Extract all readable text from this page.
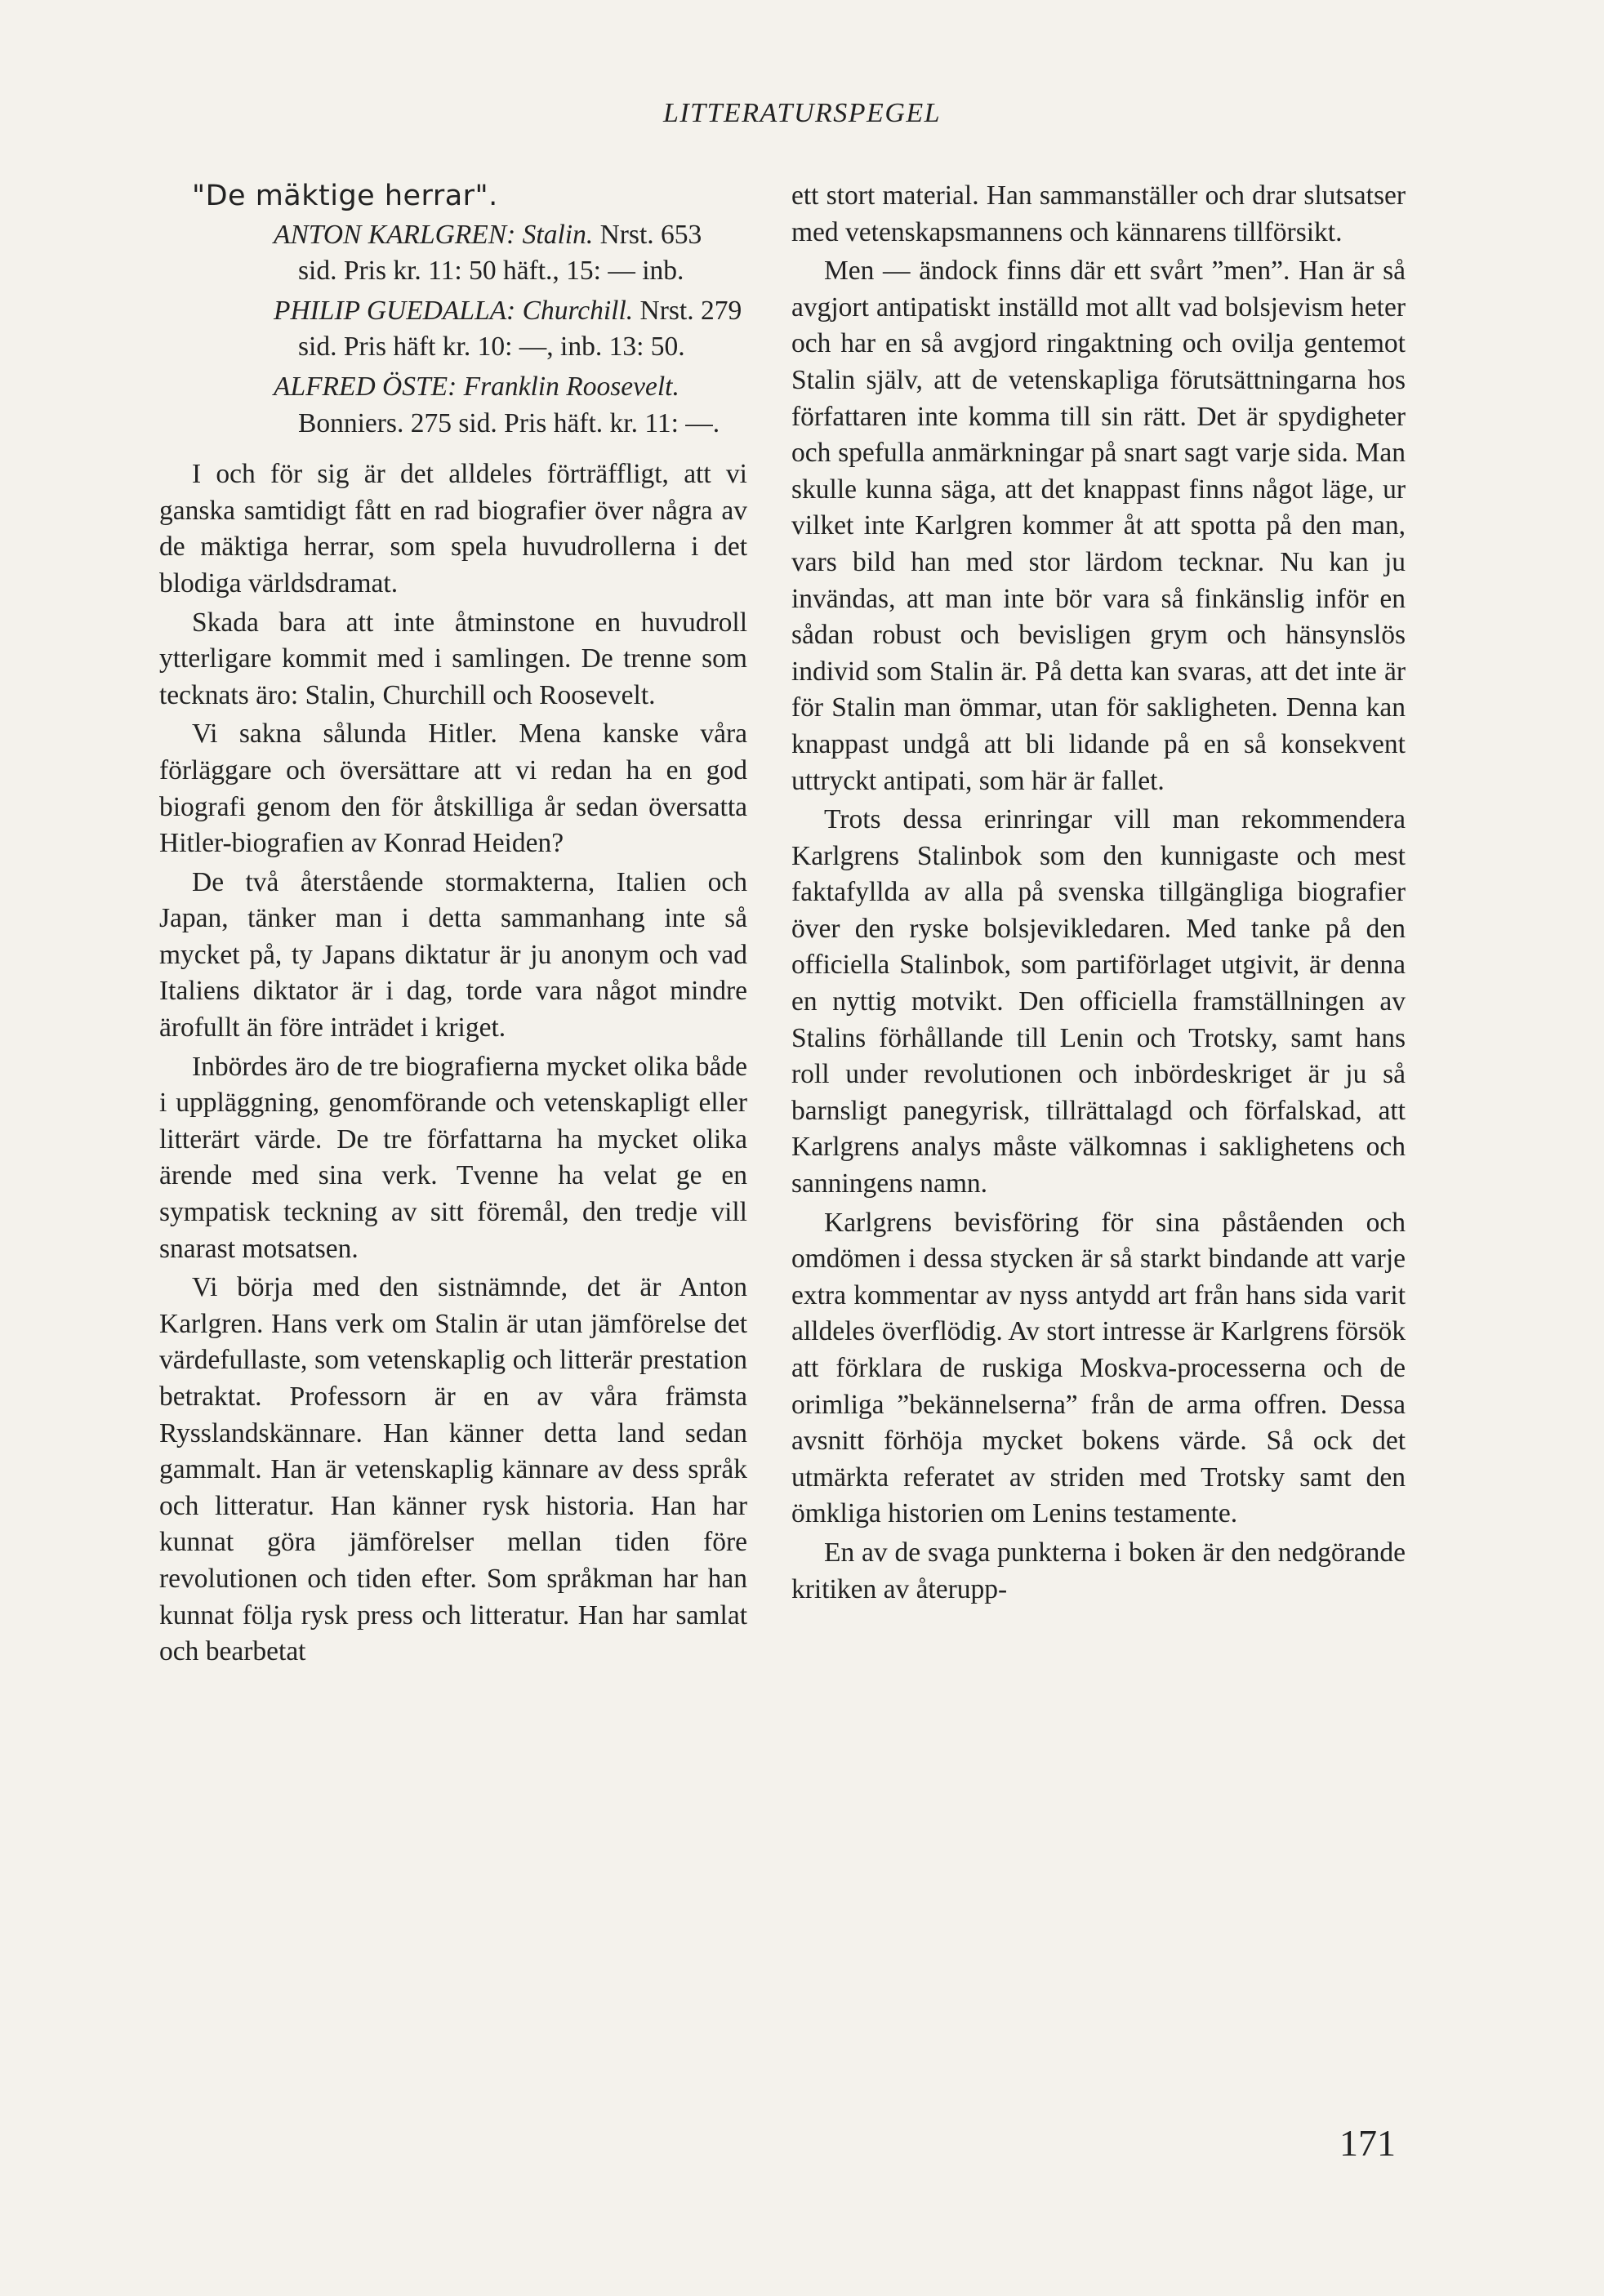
LITTERATURSPEGEL

"De mäktige herrar".

ANTON KARLGREN: Stalin. Nrst. 653 sid. Pris kr. 11: 50 häft., 15: — inb.
PHILIP GUEDALLA: Churchill. Nrst. 279 sid. Pris häft kr. 10: —, inb. 13: 50.
ALFRED ÖSTE: Franklin Roosevelt. Bonniers. 275 sid. Pris häft. kr. 11: —.

I och för sig är det alldeles förträffligt, att vi ganska samtidigt fått en rad biografier över några av de mäktiga herrar, som spela huvudrollerna i det blodiga världsdramat.

Skada bara att inte åtminstone en huvudroll ytterligare kommit med i samlingen. De trenne som tecknats äro: Stalin, Churchill och Roosevelt.

Vi sakna sålunda Hitler. Mena kanske våra förläggare och översättare att vi redan ha en god biografi genom den för åtskilliga år sedan översatta Hitler-biografien av Konrad Heiden?

De två återstående stormakterna, Italien och Japan, tänker man i detta sammanhang inte så mycket på, ty Japans diktatur är ju anonym och vad Italiens diktator är i dag, torde vara något mindre ärofullt än före inträdet i kriget.

Inbördes äro de tre biografierna mycket olika både i uppläggning, genomförande och vetenskapligt eller litterärt värde. De tre författarna ha mycket olika ärende med sina verk. Tvenne ha velat ge en sympatisk teckning av sitt föremål, den tredje vill snarast motsatsen.

Vi börja med den sistnämnde, det är Anton Karlgren. Hans verk om Stalin är utan jämförelse det värdefullaste, som vetenskaplig och litterär prestation betraktat. Professorn är en av våra främsta Rysslandskännare. Han känner detta land sedan gammalt. Han är vetenskaplig kännare av dess språk och litteratur. Han känner rysk historia. Han har kunnat göra jämförelser mellan tiden före revolutionen och tiden efter. Som språkman har han kunnat följa rysk press och litteratur. Han har samlat och bearbetat

ett stort material. Han sammanställer och drar slutsatser med vetenskapsmannens och kännarens tillförsikt.

Men — ändock finns där ett svårt ”men”. Han är så avgjort antipatiskt inställd mot allt vad bolsjevism heter och har en så avgjord ringaktning och ovilja gentemot Stalin själv, att de vetenskapliga förutsättningarna hos författaren inte komma till sin rätt. Det är spydigheter och spefulla anmärkningar på snart sagt varje sida. Man skulle kunna säga, att det knappast finns något läge, ur vilket inte Karlgren kommer åt att spotta på den man, vars bild han med stor lärdom tecknar. Nu kan ju invändas, att man inte bör vara så finkänslig inför en sådan robust och bevisligen grym och hänsynslös individ som Stalin är. På detta kan svaras, att det inte är för Stalin man ömmar, utan för sakligheten. Denna kan knappast undgå att bli lidande på en så konsekvent uttryckt antipati, som här är fallet.

Trots dessa erinringar vill man rekommendera Karlgrens Stalinbok som den kunnigaste och mest faktafyllda av alla på svenska tillgängliga biografier över den ryske bolsjevikledaren. Med tanke på den officiella Stalinbok, som partiförlaget utgivit, är denna en nyttig motvikt. Den officiella framställningen av Stalins förhållande till Lenin och Trotsky, samt hans roll under revolutionen och inbördeskriget är ju så barnsligt panegyrisk, tillrättalagd och förfalskad, att Karlgrens analys måste välkomnas i saklighetens och sanningens namn.

Karlgrens bevisföring för sina påståenden och omdömen i dessa stycken är så starkt bindande att varje extra kommentar av nyss antydd art från hans sida varit alldeles överflödig. Av stort intresse är Karlgrens försök att förklara de ruskiga Moskva-processerna och de orimliga ”bekännelserna” från de arma offren. Dessa avsnitt förhöja mycket bokens värde. Så ock det utmärkta referatet av striden med Trotsky samt den ömkliga historien om Lenins testamente.

En av de svaga punkterna i boken är den nedgörande kritiken av återupp-

171
